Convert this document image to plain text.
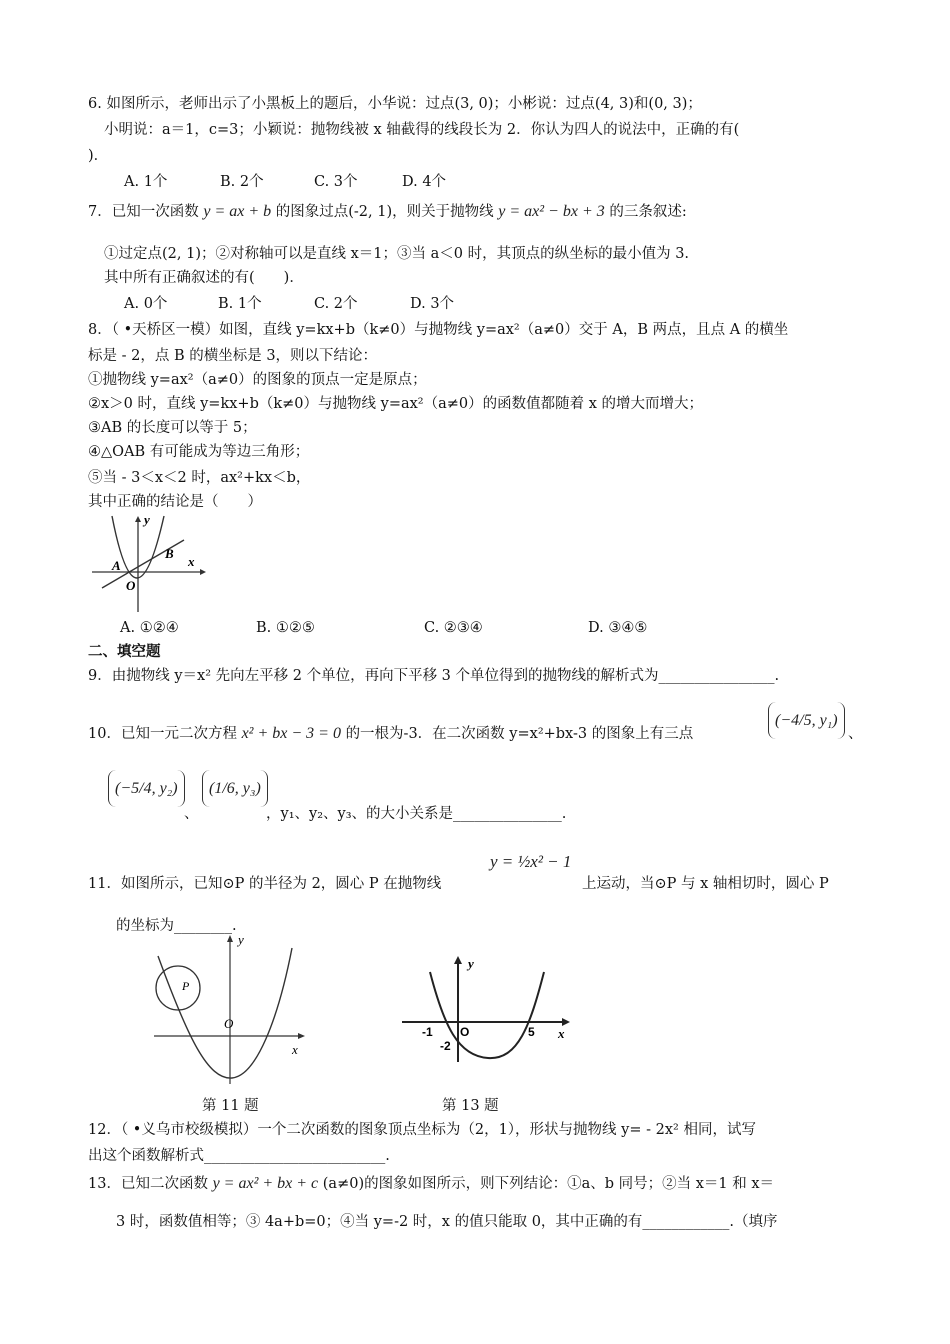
6. 如图所示，老师出示了小黑板上的题后，小华说：过点(3, 0)；小彬说：过点(4, 3)和(0, 3)；
小明说：a＝1，c=3；小颖说：抛物线被 x 轴截得的线段长为 2．你认为四人的说法中，正确的有(
)．
A. 1个	B. 2个	C. 3个	D. 4个
7．已知一次函数 y = ax + b 的图象过点(-2, 1)，则关于抛物线 y = ax² − bx + 3 的三条叙述:
①过定点(2, 1)；②对称轴可以是直线 x＝1；③当 a＜0 时，其顶点的纵坐标的最小值为 3.
其中所有正确叙述的有(　　)．
A. 0个	B. 1个	C. 2个	D. 3个
8．（ •天桥区一模）如图，直线 y=kx+b（k≠0）与抛物线 y=ax²（a≠0）交于 A，B 两点，且点 A 的横坐
标是 - 2，点 B 的横坐标是 3，则以下结论：
①抛物线 y=ax²（a≠0）的图象的顶点一定是原点；
②x＞0 时，直线 y=kx+b（k≠0）与抛物线 y=ax²（a≠0）的函数值都随着 x 的增大而增大；
③AB 的长度可以等于 5；
④△OAB 有可能成为等边三角形；
⑤当 - 3＜x＜2 时，ax²+kx＜b，
其中正确的结论是（　　）
y
x
A
B
O
A. ①②④	B. ①②⑤	C. ②③④	D. ③④⑤
二、填空题
9．由抛物线 y＝x² 先向左平移 2 个单位，再向下平移 3 个单位得到的抛物线的解析式为________________.
10．已知一元二次方程 x² + bx − 3 = 0 的一根为-3．在二次函数 y=x²+bx-3 的图象上有三点
(−4/5, y₁)
、
(−5/4, y₂)
、
(1/6, y₃)
，y₁、y₂、y₃、的大小关系是_______________.
11．如图所示，已知⊙P 的半径为 2，圆心 P 在抛物线
y = ½x² − 1
上运动，当⊙P 与 x 轴相切时，圆心 P
的坐标为________.
y
x
P
O
第 11 题
y
x
-1 O	5
-2
第 13 题
12．（ •义乌市校级模拟）一个二次函数的图象顶点坐标为（2，1），形状与抛物线 y= - 2x² 相同，试写
出这个函数解析式_________________________.
13．已知二次函数 y = ax² + bx + c (a≠0)的图象如图所示，则下列结论：①a、b 同号；②当 x＝1 和 x＝
3 时，函数值相等；③ 4a+b=0；④当 y=-2 时，x 的值只能取 0，其中正确的有____________.（填序
